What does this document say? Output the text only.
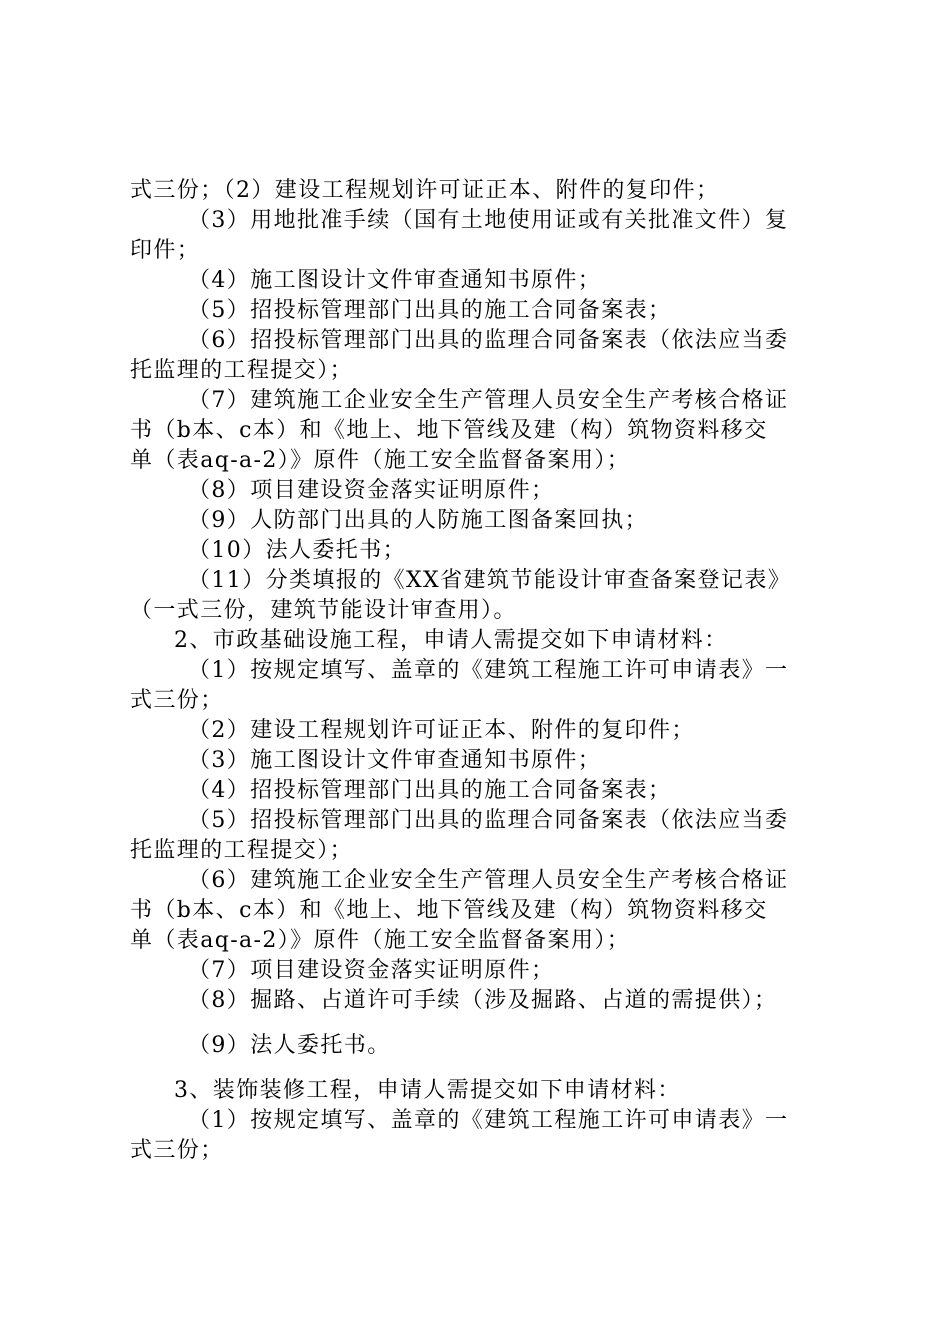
式三份；（2）建设工程规划许可证正本、附件的复印件；
（3）用地批准手续（国有土地使用证或有关批准文件）复
印件；
（4）施工图设计文件审查通知书原件；
（5）招投标管理部门出具的施工合同备案表；
（6）招投标管理部门出具的监理合同备案表（依法应当委
托监理的工程提交）；
（7）建筑施工企业安全生产管理人员安全生产考核合格证
书（b本、c本）和《地上、地下管线及建（构）筑物资料移交
单（表aq-a-2）》原件（施工安全监督备案用）；
（8）项目建设资金落实证明原件；
（9）人防部门出具的人防施工图备案回执；
（10）法人委托书；
（11）分类填报的《XX省建筑节能设计审查备案登记表》
（一式三份，建筑节能设计审查用）。
2、市政基础设施工程，申请人需提交如下申请材料：
（1）按规定填写、盖章的《建筑工程施工许可申请表》一
式三份；
（2）建设工程规划许可证正本、附件的复印件；
（3）施工图设计文件审查通知书原件；
（4）招投标管理部门出具的施工合同备案表；
（5）招投标管理部门出具的监理合同备案表（依法应当委
托监理的工程提交）；
（6）建筑施工企业安全生产管理人员安全生产考核合格证
书（b本、c本）和《地上、地下管线及建（构）筑物资料移交
单（表aq-a-2）》原件（施工安全监督备案用）；
（7）项目建设资金落实证明原件；
（8）掘路、占道许可手续（涉及掘路、占道的需提供）；
（9）法人委托书。
3、装饰装修工程，申请人需提交如下申请材料：
（1）按规定填写、盖章的《建筑工程施工许可申请表》一
式三份；
